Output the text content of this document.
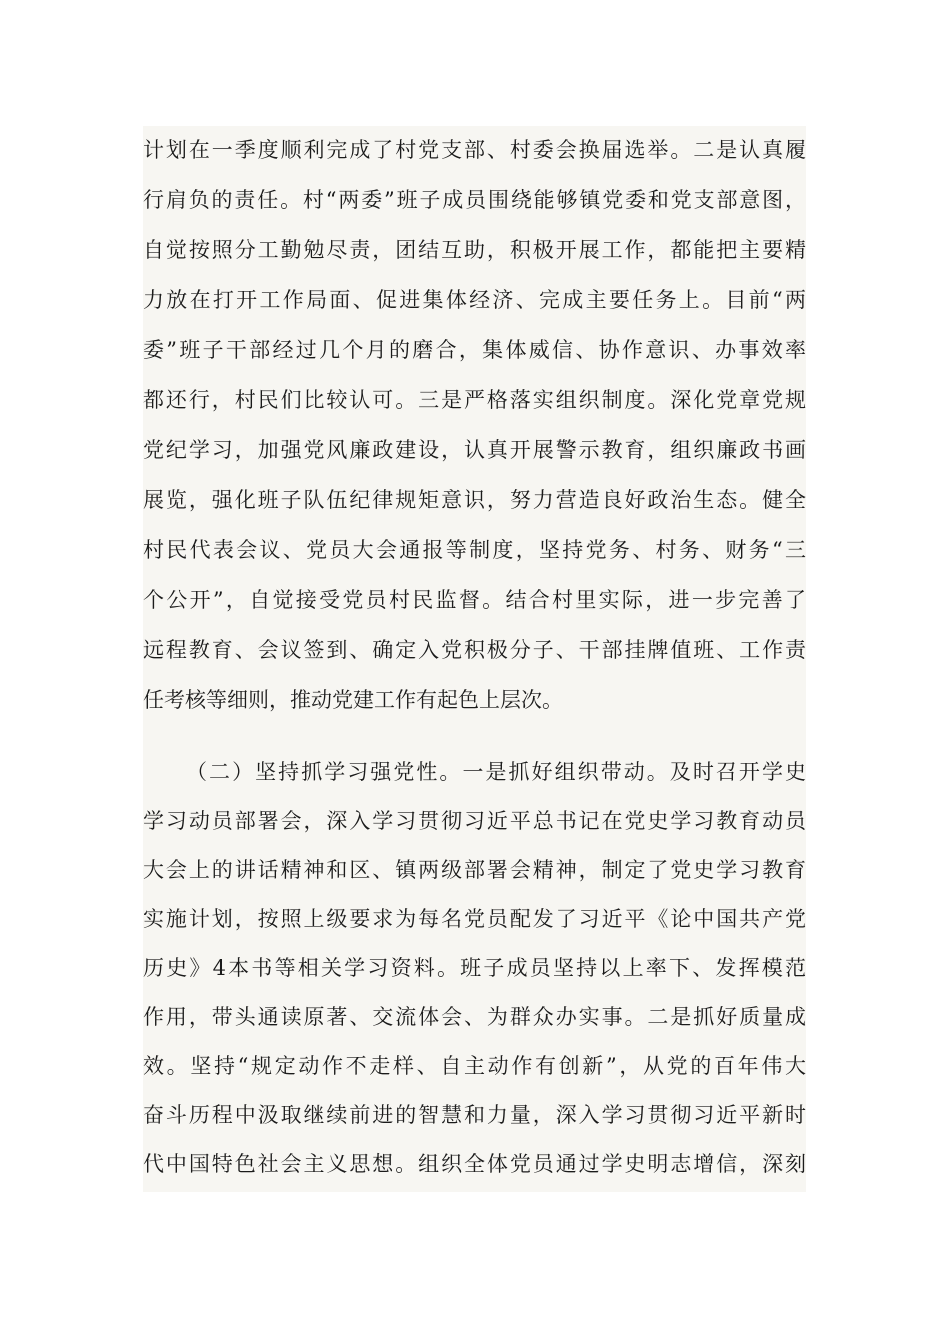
计划在一季度顺利完成了村党支部、村委会换届选举。二是认真履
行肩负的责任。村“两委”班子成员围绕能够镇党委和党支部意图，
自觉按照分工勤勉尽责，团结互助，积极开展工作，都能把主要精
力放在打开工作局面、促进集体经济、完成主要任务上。目前“两
委”班子干部经过几个月的磨合，集体威信、协作意识、办事效率
都还行，村民们比较认可。三是严格落实组织制度。深化党章党规
党纪学习，加强党风廉政建设，认真开展警示教育，组织廉政书画
展览，强化班子队伍纪律规矩意识，努力营造良好政治生态。健全
村民代表会议、党员大会通报等制度，坚持党务、村务、财务“三
个公开”，自觉接受党员村民监督。结合村里实际，进一步完善了
远程教育、会议签到、确定入党积极分子、干部挂牌值班、工作责
任考核等细则，推动党建工作有起色上层次。
（二）坚持抓学习强党性。一是抓好组织带动。及时召开学史
学习动员部署会，深入学习贯彻习近平总书记在党史学习教育动员
大会上的讲话精神和区、镇两级部署会精神，制定了党史学习教育
实施计划，按照上级要求为每名党员配发了习近平《论中国共产党
历史》4本书等相关学习资料。班子成员坚持以上率下、发挥模范
作用，带头通读原著、交流体会、为群众办实事。二是抓好质量成
效。坚持“规定动作不走样、自主动作有创新”，从党的百年伟大
奋斗历程中汲取继续前进的智慧和力量，深入学习贯彻习近平新时
代中国特色社会主义思想。组织全体党员通过学史明志增信，深刻
